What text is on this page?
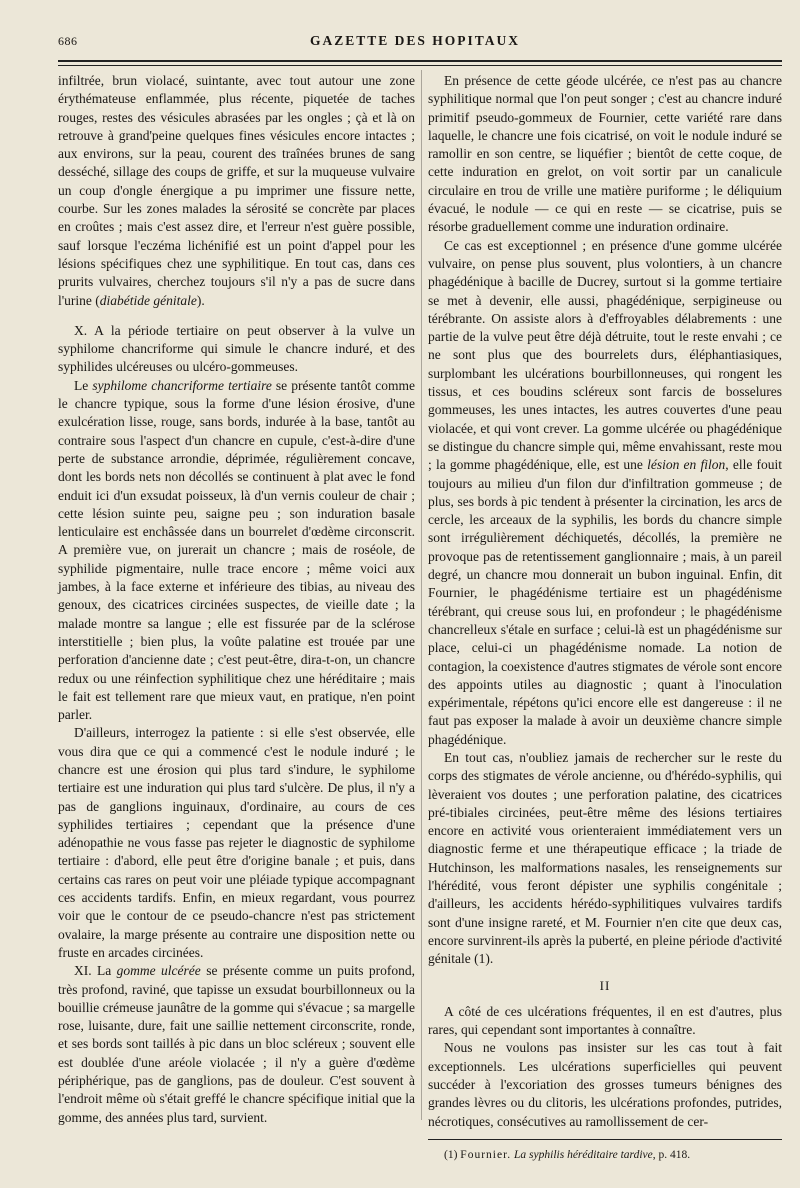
686	GAZETTE DES HOPITAUX

infiltrée, brun violacé, suintante, avec tout autour une zone érythémateuse enflammée, plus récente, piquetée de taches rouges, restes des vésicules abrasées par les ongles ; çà et là on retrouve à grand'peine quelques fines vésicules encore intactes ; aux environs, sur la peau, courent des traînées brunes de sang desséché, sillage des coups de griffe, et sur la muqueuse vulvaire un coup d'ongle énergique a pu imprimer une fissure nette, courbe. Sur les zones malades la sérosité se concrète par places en croûtes ; mais c'est assez dire, et l'erreur n'est guère possible, sauf lorsque l'eczéma lichénifié est un point d'appel pour les lésions spécifiques chez une syphilitique. En tout cas, dans ces prurits vulvaires, cherchez toujours s'il n'y a pas de sucre dans l'urine (diabétide génitale).

X. A la période tertiaire on peut observer à la vulve un syphilome chancriforme qui simule le chancre induré, et des syphilides ulcéreuses ou ulcéro-gommeuses.

Le syphilome chancriforme tertiaire se présente tantôt comme le chancre typique, sous la forme d'une lésion érosive, d'une exulcération lisse, rouge, sans bords, indurée à la base, tantôt au contraire sous l'aspect d'un chancre en cupule, c'est-à-dire d'une perte de substance arrondie, déprimée, régulièrement concave, dont les bords nets non décollés se continuent à plat avec le fond enduit ici d'un exsudat poisseux, là d'un vernis couleur de chair ; cette lésion suinte peu, saigne peu ; son induration basale lenticulaire est enchâssée dans un bourrelet d'œdème circonscrit. A première vue, on jurerait un chancre ; mais de roséole, de syphilide pigmentaire, nulle trace encore ; même voici aux jambes, à la face externe et inférieure des tibias, au niveau des genoux, des cicatrices circinées suspectes, de vieille date ; la malade montre sa langue ; elle est fissurée par de la sclérose interstitielle ; bien plus, la voûte palatine est trouée par une perforation d'ancienne date ; c'est peut-être, dira-t-on, un chancre redux ou une réinfection syphilitique chez une héréditaire ; mais le fait est tellement rare que mieux vaut, en pratique, n'en point parler.

D'ailleurs, interrogez la patiente : si elle s'est observée, elle vous dira que ce qui a commencé c'est le nodule induré ; le chancre est une érosion qui plus tard s'indure, le syphilome tertiaire est une induration qui plus tard s'ulcère. De plus, il n'y a pas de ganglions inguinaux, d'ordinaire, au cours de ces syphilides tertiaires ; cependant que la présence d'une adénopathie ne vous fasse pas rejeter le diagnostic de syphilome tertiaire : d'abord, elle peut être d'origine banale ; et puis, dans certains cas rares on peut voir une pléiade typique accompagnant ces accidents tardifs. Enfin, en mieux regardant, vous pourrez voir que le contour de ce pseudo-chancre n'est pas strictement ovalaire, la marge présente au contraire une disposition nette ou fruste en arcades circinées.

XI. La gomme ulcérée se présente comme un puits profond, très profond, raviné, que tapisse un exsudat bourbillonneux ou la bouillie crémeuse jaunâtre de la gomme qui s'évacue ; sa margelle rose, luisante, dure, fait une saillie nettement circonscrite, ronde, et ses bords sont taillés à pic dans un bloc scléreux ; souvent elle est doublée d'une aréole violacée ; il n'y a guère d'œdème périphérique, pas de ganglions, pas de douleur. C'est souvent à l'endroit même où s'était greffé le chancre spécifique initial que la gomme, des années plus tard, survient.

En présence de cette géode ulcérée, ce n'est pas au chancre syphilitique normal que l'on peut songer ; c'est au chancre induré primitif pseudo-gommeux de Fournier, cette variété rare dans laquelle, le chancre une fois cicatrisé, on voit le nodule induré se ramollir en son centre, se liquéfier ; bientôt de cette coque, de cette induration en grelot, on voit sortir par un canalicule circulaire en trou de vrille une matière puriforme ; le déliquium évacué, le nodule — ce qui en reste — se cicatrise, puis se résorbe graduellement comme une induration ordinaire.

Ce cas est exceptionnel ; en présence d'une gomme ulcérée vulvaire, on pense plus souvent, plus volontiers, à un chancre phagédénique à bacille de Ducrey, surtout si la gomme tertiaire se met à devenir, elle aussi, phagédénique, serpigineuse ou térébrante. On assiste alors à d'effroyables délabrements : une partie de la vulve peut être déjà détruite, tout le reste envahi ; ce ne sont plus que des bourrelets durs, éléphantiasiques, surplombant les ulcérations bourbillonneuses, qui rongent les tissus, et ces boudins scléreux sont farcis de bosselures gommeuses, les unes intactes, les autres couvertes d'une peau violacée, et qui vont crever. La gomme ulcérée ou phagédénique se distingue du chancre simple qui, même envahissant, reste mou ; la gomme phagédénique, elle, est une lésion en filon, elle fouit toujours au milieu d'un filon dur d'infiltration gommeuse ; de plus, ses bords à pic tendent à présenter la circination, les arcs de cercle, les arceaux de la syphilis, les bords du chancre simple sont irrégulièrement déchiquetés, décollés, la première ne provoque pas de retentissement ganglionnaire ; mais, à un pareil degré, un chancre mou donnerait un bubon inguinal. Enfin, dit Fournier, le phagédénisme tertiaire est un phagédénisme térébrant, qui creuse sous lui, en profondeur ; le phagédénisme chancrelleux s'étale en surface ; celui-là est un phagédénisme sur place, celui-ci un phagédénisme nomade. La notion de contagion, la coexistence d'autres stigmates de vérole sont encore des appoints utiles au diagnostic ; quant à l'inoculation expérimentale, répétons qu'ici encore elle est dangereuse : il ne faut pas exposer la malade à avoir un deuxième chancre simple phagédénique.

En tout cas, n'oubliez jamais de rechercher sur le reste du corps des stigmates de vérole ancienne, ou d'hérédo-syphilis, qui lèveraient vos doutes ; une perforation palatine, des cicatrices pré-tibiales circinées, peut-être même des lésions tertiaires encore en activité vous orienteraient immédiatement vers un diagnostic ferme et une thérapeutique efficace ; la triade de Hutchinson, les malformations nasales, les renseignements sur l'hérédité, vous feront dépister une syphilis congénitale ; d'ailleurs, les accidents hérédo-syphilitiques vulvaires tardifs sont d'une insigne rareté, et M. Fournier n'en cite que deux cas, encore survinrent-ils après la puberté, en pleine période d'activité génitale (1).

II

A côté de ces ulcérations fréquentes, il en est d'autres, plus rares, qui cependant sont importantes à connaître.

Nous ne voulons pas insister sur les cas tout à fait exceptionnels. Les ulcérations superficielles qui peuvent succéder à l'excoriation des grosses tumeurs bénignes des grandes lèvres ou du clitoris, les ulcérations profondes, putrides, nécrotiques, consécutives au ramollissement de cer-

(1) Fournier. La syphilis héréditaire tardive, p. 418.
